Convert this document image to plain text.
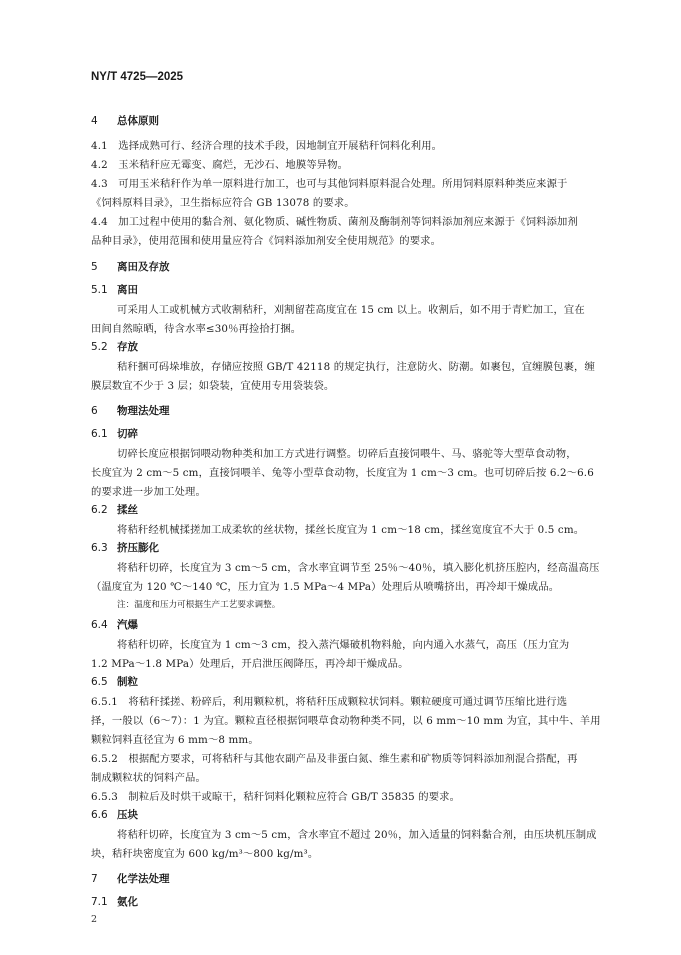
NY/T 4725—2025
4 总体原则
4.1　选择成熟可行、经济合理的技术手段，因地制宜开展秸秆饲料化利用。
4.2　玉米秸秆应无霉变、腐烂，无沙石、地膜等异物。
4.3　可用玉米秸秆作为单一原料进行加工，也可与其他饲料原料混合处理。所用饲料原料种类应来源于
《饲料原料目录》，卫生指标应符合 GB 13078 的要求。
4.4　加工过程中使用的黏合剂、氨化物质、碱性物质、菌剂及酶制剂等饲料添加剂应来源于《饲料添加剂
品种目录》，使用范围和使用量应符合《饲料添加剂安全使用规范》的要求。
5 离田及存放
5.1 离田
可采用人工或机械方式收割秸秆，刈割留茬高度宜在 15 cm 以上。收割后，如不用于青贮加工，宜在
田间自然晾晒，待含水率≤30％再捡拾打捆。
5.2 存放
秸秆捆可码垛堆放，存储应按照 GB/T 42118 的规定执行，注意防火、防潮。如裹包，宜缠膜包裹，缠
膜层数宜不少于 3 层；如袋装，宜使用专用袋装袋。
6 物理法处理
6.1 切碎
切碎长度应根据饲喂动物种类和加工方式进行调整。切碎后直接饲喂牛、马、骆驼等大型草食动物，
长度宜为 2 cm～5 cm，直接饲喂羊、兔等小型草食动物，长度宜为 1 cm～3 cm。也可切碎后按 6.2～6.6
的要求进一步加工处理。
6.2 揉丝
将秸秆经机械揉搓加工成柔软的丝状物，揉丝长度宜为 1 cm～18 cm，揉丝宽度宜不大于 0.5 cm。
6.3 挤压膨化
将秸秆切碎，长度宜为 3 cm～5 cm，含水率宜调节至 25％～40％，填入膨化机挤压腔内，经高温高压
（温度宜为 120 ℃～140 ℃，压力宜为 1.5 MPa～4 MPa）处理后从喷嘴挤出，再冷却干燥成品。
注：温度和压力可根据生产工艺要求调整。
6.4 汽爆
将秸秆切碎，长度宜为 1 cm～3 cm，投入蒸汽爆破机物料舱，向内通入水蒸气，高压（压力宜为
1.2 MPa～1.8 MPa）处理后，开启泄压阀降压，再冷却干燥成品。
6.5 制粒
6.5.1　将秸秆揉搓、粉碎后，利用颗粒机，将秸秆压成颗粒状饲料。颗粒硬度可通过调节压缩比进行选
择，一般以（6～7）：1 为宜。颗粒直径根据饲喂草食动物种类不同，以 6 mm～10 mm 为宜，其中牛、羊用
颗粒饲料直径宜为 6 mm～8 mm。
6.5.2　根据配方要求，可将秸秆与其他农副产品及非蛋白氮、维生素和矿物质等饲料添加剂混合搭配，再
制成颗粒状的饲料产品。
6.5.3　制粒后及时烘干或晾干，秸秆饲料化颗粒应符合 GB/T 35835 的要求。
6.6 压块
将秸秆切碎，长度宜为 3 cm～5 cm，含水率宜不超过 20％，加入适量的饲料黏合剂，由压块机压制成
块，秸秆块密度宜为 600 kg/m³～800 kg/m³。
7 化学法处理
7.1 氨化
2
